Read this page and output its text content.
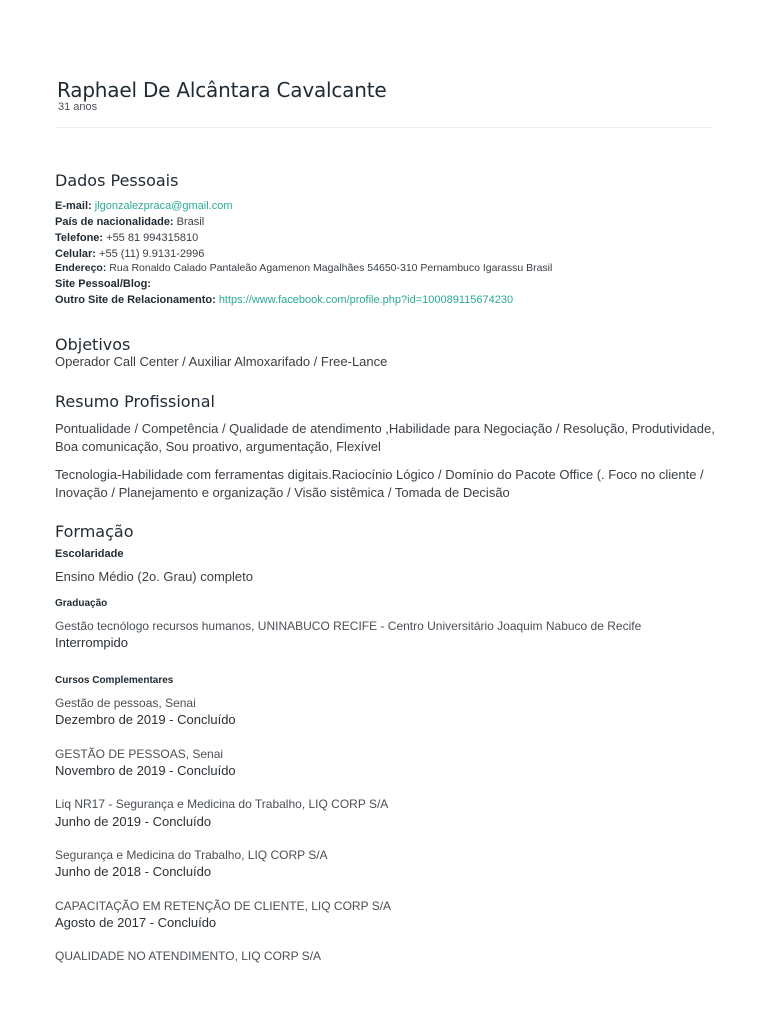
Raphael De Alcântara Cavalcante
31 anos
Dados Pessoais
E-mail: jlgonzalezpraca@gmail.com
País de nacionalidade: Brasil
Telefone: +55 81 994315810
Celular: +55 (11) 9.9131-2996
Endereço: Rua Ronaldo Calado Pantaleão Agamenon Magalhães 54650-310 Pernambuco Igarassu Brasil
Site Pessoal/Blog:
Outro Site de Relacionamento: https://www.facebook.com/profile.php?id=100089115674230
Objetivos
Operador Call Center / Auxiliar Almoxarifado / Free-Lance
Resumo Profissional
Pontualidade / Competência / Qualidade de atendimento ,Habilidade para Negociação / Resolução, Produtividade, Boa comunicação, Sou proativo, argumentação, Flexível
Tecnologia-Habilidade com ferramentas digitais.Raciocínio Lógico / Domínio do Pacote Office (. Foco no cliente / Inovação / Planejamento e organização / Visão sistêmica / Tomada de Decisão
Formação
Escolaridade
Ensino Médio (2o. Grau) completo
Graduação
Gestão tecnólogo recursos humanos, UNINABUCO RECIFE - Centro Universitário Joaquim Nabuco de Recife
Interrompido
Cursos Complementares
Gestão de pessoas, Senai
Dezembro de 2019 - Concluído
GESTÃO DE PESSOAS, Senai
Novembro de 2019 - Concluído
Liq NR17 - Segurança e Medicina do Trabalho, LIQ CORP S/A
Junho de 2019 - Concluído
Segurança e Medicina do Trabalho, LIQ CORP S/A
Junho de 2018 - Concluído
CAPACITAÇÃO EM RETENÇÃO DE CLIENTE, LIQ CORP S/A
Agosto de 2017 - Concluído
QUALIDADE NO ATENDIMENTO, LIQ CORP S/A
